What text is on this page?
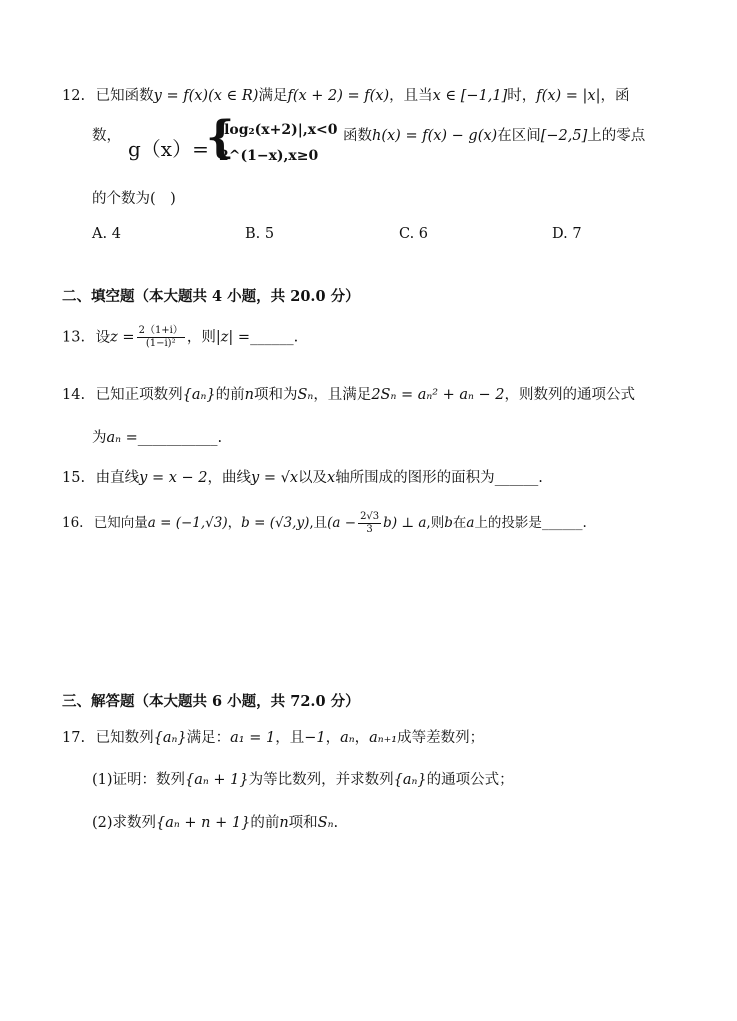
12. 已知函数y = f(x)(x ∈ R)满足f(x + 2) = f(x)，且当x ∈ [−1,1]时，f(x) = |x|，函
数，
g（x）=
{
|log₂(x+2)|,x<0
2^(1−x),x≥0
函数h(x) = f(x) − g(x)在区间[−2,5]上的零点
的个数为(　)
A. 4	B. 5	C. 6	D. 7
二、填空题（本大题共 4 小题，共 20.0 分）
13. 设$z = \frac{2(1+i)}{\text{(1−i)²}}$ ，则|z| =______.
14. 已知正项数列{aₙ}的前n项和为Sₙ，且满足2Sₙ = aₙ² + aₙ − 2，则数列的通项公式
为aₙ =___________.
15. 由直线y = x − 2，曲线y = √x以及x轴所围成的图形的面积为______.
16. 已知向量a = (−1,√3)，b = (√3,y),且$(a - \frac{2√3}{3} b)$ ⊥ a,则b在a上的投影是______.
三、解答题（本大题共 6 小题，共 72.0 分）
17. 已知数列{aₙ}满足：a₁ = 1，且−1，aₙ，aₙ₊₁成等差数列；
(1)证明：数列{aₙ + 1}为等比数列，并求数列{aₙ}的通项公式；
(2)求数列{aₙ + n + 1}的前n项和Sₙ.
